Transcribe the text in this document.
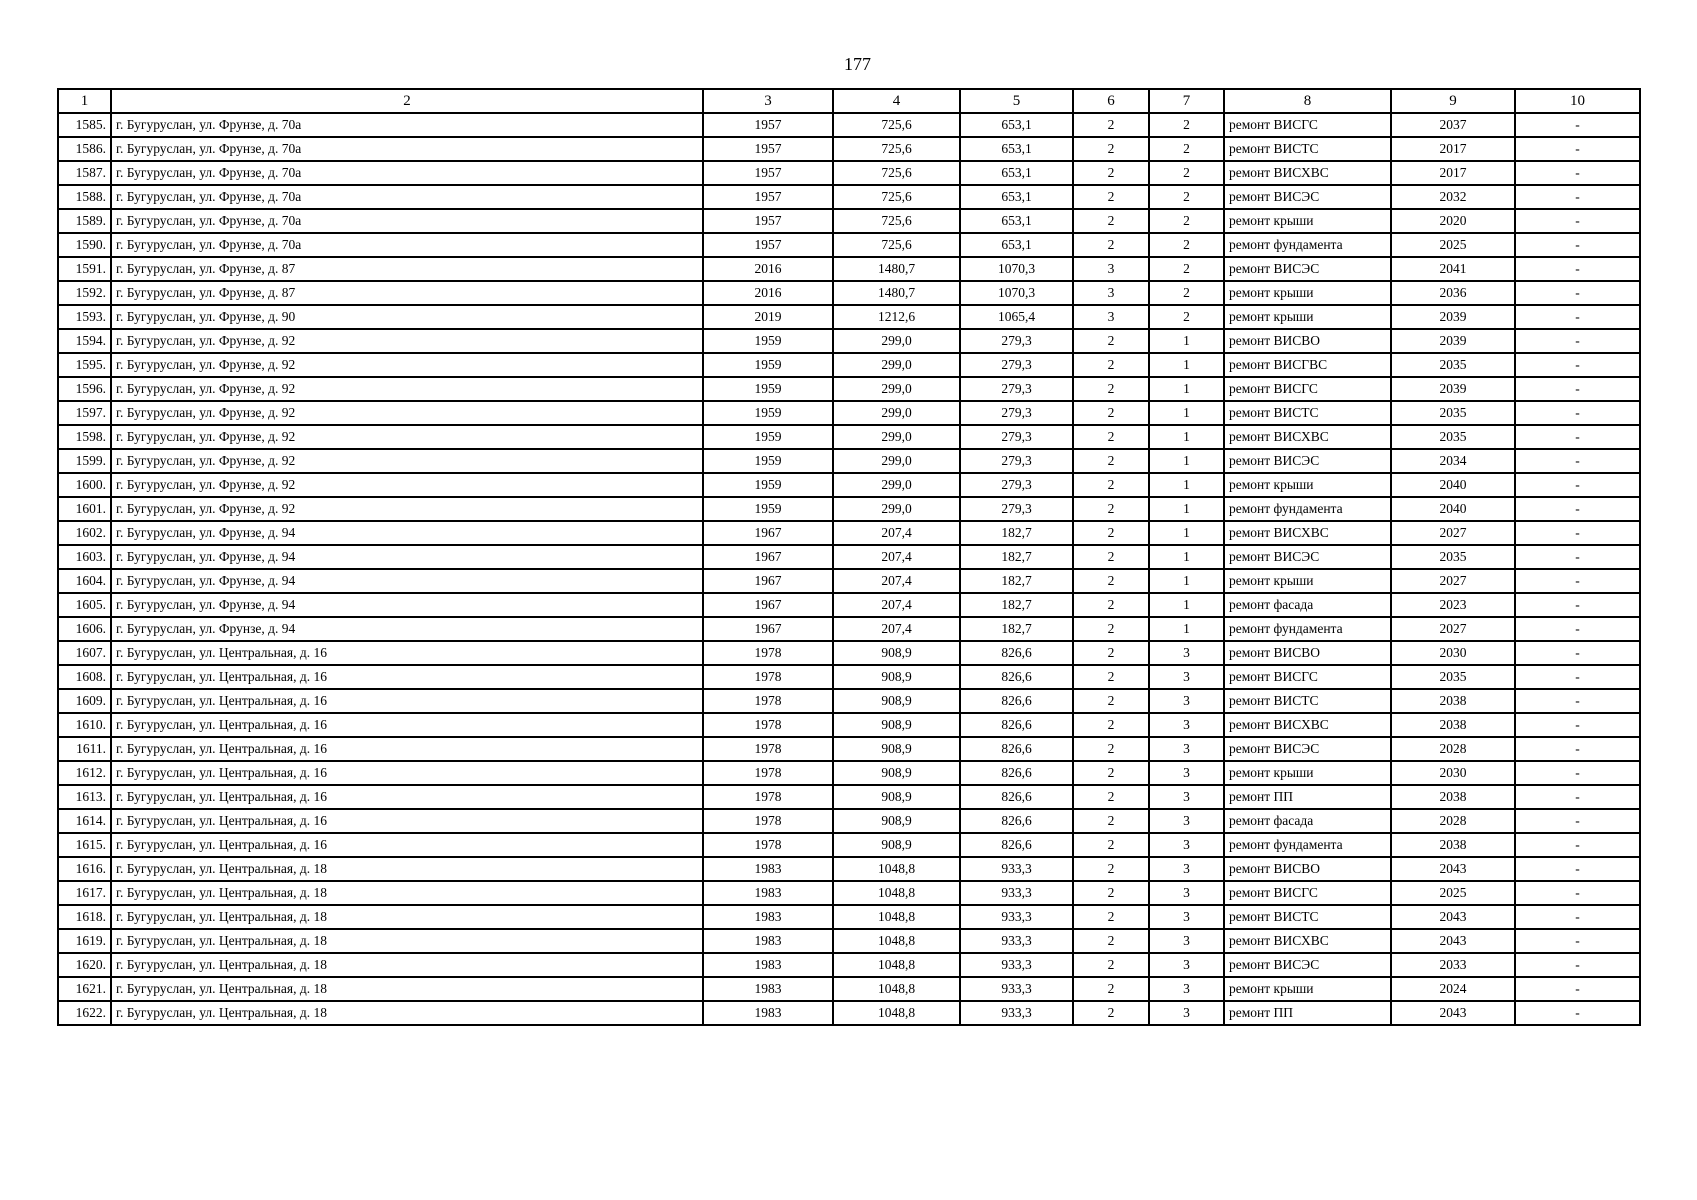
177
1	2	3	4	5	6	7	8	9	10
1585.	г. Бугуруслан, ул. Фрунзе, д. 70а	1957	725,6	653,1	2	2	ремонт ВИСГС	2037	-
1586.	г. Бугуруслан, ул. Фрунзе, д. 70а	1957	725,6	653,1	2	2	ремонт ВИСТС	2017	-
1587.	г. Бугуруслан, ул. Фрунзе, д. 70а	1957	725,6	653,1	2	2	ремонт ВИСХВС	2017	-
1588.	г. Бугуруслан, ул. Фрунзе, д. 70а	1957	725,6	653,1	2	2	ремонт ВИСЭС	2032	-
1589.	г. Бугуруслан, ул. Фрунзе, д. 70а	1957	725,6	653,1	2	2	ремонт крыши	2020	-
1590.	г. Бугуруслан, ул. Фрунзе, д. 70а	1957	725,6	653,1	2	2	ремонт фундамента	2025	-
1591.	г. Бугуруслан, ул. Фрунзе, д. 87	2016	1480,7	1070,3	3	2	ремонт ВИСЭС	2041	-
1592.	г. Бугуруслан, ул. Фрунзе, д. 87	2016	1480,7	1070,3	3	2	ремонт крыши	2036	-
1593.	г. Бугуруслан, ул. Фрунзе, д. 90	2019	1212,6	1065,4	3	2	ремонт крыши	2039	-
1594.	г. Бугуруслан, ул. Фрунзе, д. 92	1959	299,0	279,3	2	1	ремонт ВИСВО	2039	-
1595.	г. Бугуруслан, ул. Фрунзе, д. 92	1959	299,0	279,3	2	1	ремонт ВИСГВС	2035	-
1596.	г. Бугуруслан, ул. Фрунзе, д. 92	1959	299,0	279,3	2	1	ремонт ВИСГС	2039	-
1597.	г. Бугуруслан, ул. Фрунзе, д. 92	1959	299,0	279,3	2	1	ремонт ВИСТС	2035	-
1598.	г. Бугуруслан, ул. Фрунзе, д. 92	1959	299,0	279,3	2	1	ремонт ВИСХВС	2035	-
1599.	г. Бугуруслан, ул. Фрунзе, д. 92	1959	299,0	279,3	2	1	ремонт ВИСЭС	2034	-
1600.	г. Бугуруслан, ул. Фрунзе, д. 92	1959	299,0	279,3	2	1	ремонт крыши	2040	-
1601.	г. Бугуруслан, ул. Фрунзе, д. 92	1959	299,0	279,3	2	1	ремонт фундамента	2040	-
1602.	г. Бугуруслан, ул. Фрунзе, д. 94	1967	207,4	182,7	2	1	ремонт ВИСХВС	2027	-
1603.	г. Бугуруслан, ул. Фрунзе, д. 94	1967	207,4	182,7	2	1	ремонт ВИСЭС	2035	-
1604.	г. Бугуруслан, ул. Фрунзе, д. 94	1967	207,4	182,7	2	1	ремонт крыши	2027	-
1605.	г. Бугуруслан, ул. Фрунзе, д. 94	1967	207,4	182,7	2	1	ремонт фасада	2023	-
1606.	г. Бугуруслан, ул. Фрунзе, д. 94	1967	207,4	182,7	2	1	ремонт фундамента	2027	-
1607.	г. Бугуруслан, ул. Центральная, д. 16	1978	908,9	826,6	2	3	ремонт ВИСВО	2030	-
1608.	г. Бугуруслан, ул. Центральная, д. 16	1978	908,9	826,6	2	3	ремонт ВИСГС	2035	-
1609.	г. Бугуруслан, ул. Центральная, д. 16	1978	908,9	826,6	2	3	ремонт ВИСТС	2038	-
1610.	г. Бугуруслан, ул. Центральная, д. 16	1978	908,9	826,6	2	3	ремонт ВИСХВС	2038	-
1611.	г. Бугуруслан, ул. Центральная, д. 16	1978	908,9	826,6	2	3	ремонт ВИСЭС	2028	-
1612.	г. Бугуруслан, ул. Центральная, д. 16	1978	908,9	826,6	2	3	ремонт крыши	2030	-
1613.	г. Бугуруслан, ул. Центральная, д. 16	1978	908,9	826,6	2	3	ремонт ПП	2038	-
1614.	г. Бугуруслан, ул. Центральная, д. 16	1978	908,9	826,6	2	3	ремонт фасада	2028	-
1615.	г. Бугуруслан, ул. Центральная, д. 16	1978	908,9	826,6	2	3	ремонт фундамента	2038	-
1616.	г. Бугуруслан, ул. Центральная, д. 18	1983	1048,8	933,3	2	3	ремонт ВИСВО	2043	-
1617.	г. Бугуруслан, ул. Центральная, д. 18	1983	1048,8	933,3	2	3	ремонт ВИСГС	2025	-
1618.	г. Бугуруслан, ул. Центральная, д. 18	1983	1048,8	933,3	2	3	ремонт ВИСТС	2043	-
1619.	г. Бугуруслан, ул. Центральная, д. 18	1983	1048,8	933,3	2	3	ремонт ВИСХВС	2043	-
1620.	г. Бугуруслан, ул. Центральная, д. 18	1983	1048,8	933,3	2	3	ремонт ВИСЭС	2033	-
1621.	г. Бугуруслан, ул. Центральная, д. 18	1983	1048,8	933,3	2	3	ремонт крыши	2024	-
1622.	г. Бугуруслан, ул. Центральная, д. 18	1983	1048,8	933,3	2	3	ремонт ПП	2043	-
